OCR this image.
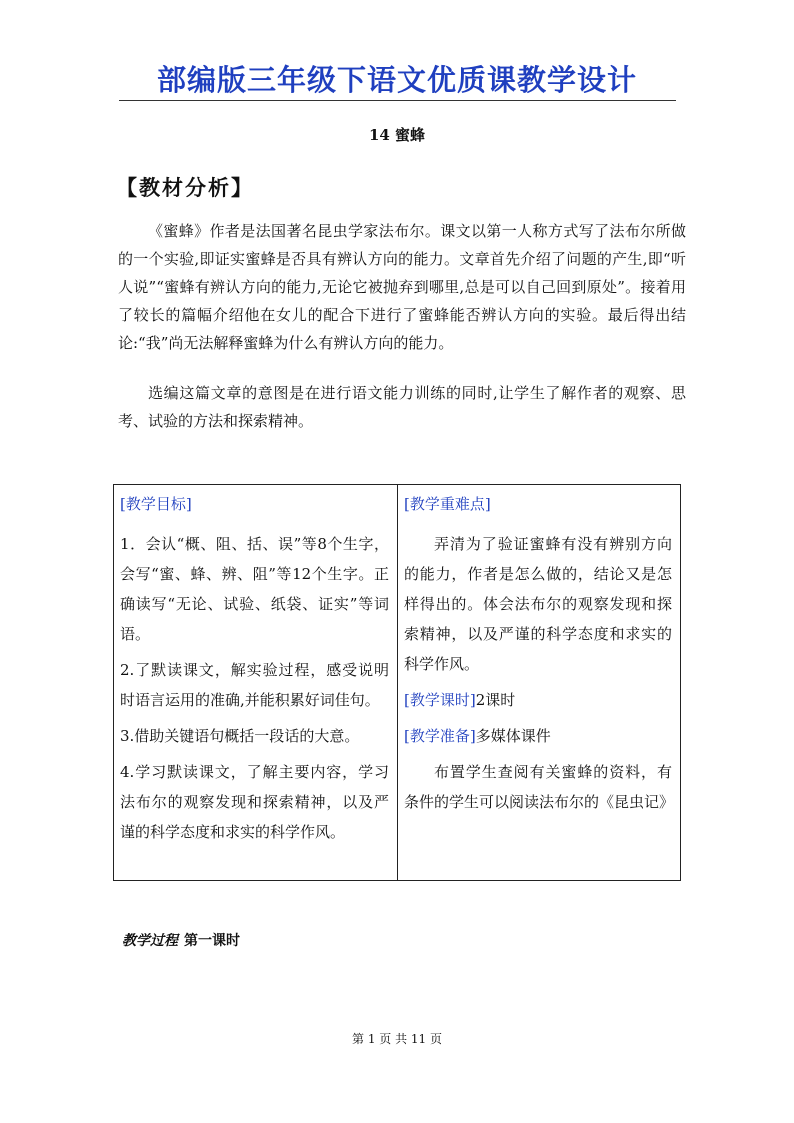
部编版三年级下语文优质课教学设计
14 蜜蜂
【教材分析】

《蜜蜂》作者是法国著名昆虫学家法布尔。课文以第一人称方式写了法布尔所做的一个实验,即证实蜜蜂是否具有辨认方向的能力。文章首先介绍了问题的产生,即“听人说”“蜜蜂有辨认方向的能力,无论它被抛弃到哪里,总是可以自己回到原处”。接着用了较长的篇幅介绍他在女儿的配合下进行了蜜蜂能否辨认方向的实验。最后得出结论:“我”尚无法解释蜜蜂为什么有辨认方向的能力。

选编这篇文章的意图是在进行语文能力训练的同时,让学生了解作者的观察、思考、试验的方法和探索精神。

[教学目标]
1．会认“概、阻、括、误”等8个生字，会写“蜜、蜂、辨、阻”等12个生字。正确读写“无论、试验、纸袋、证实”等词语。
2.了默读课文，解实验过程，感受说明时语言运用的准确,并能积累好词佳句。
3.借助关键语句概括一段话的大意。
4.学习默读课文，了解主要内容，学习法布尔的观察发现和探索精神，以及严谨的科学态度和求实的科学作风。
[教学重难点]
弄清为了验证蜜蜂有没有辨别方向的能力，作者是怎么做的，结论又是怎样得出的。体会法布尔的观察发现和探索精神，以及严谨的科学态度和求实的科学作风。
[教学课时]2课时
[教学准备]多媒体课件
布置学生查阅有关蜜蜂的资料，有条件的学生可以阅读法布尔的《昆虫记》
教学过程 第一课时
第 1 页 共 11 页
